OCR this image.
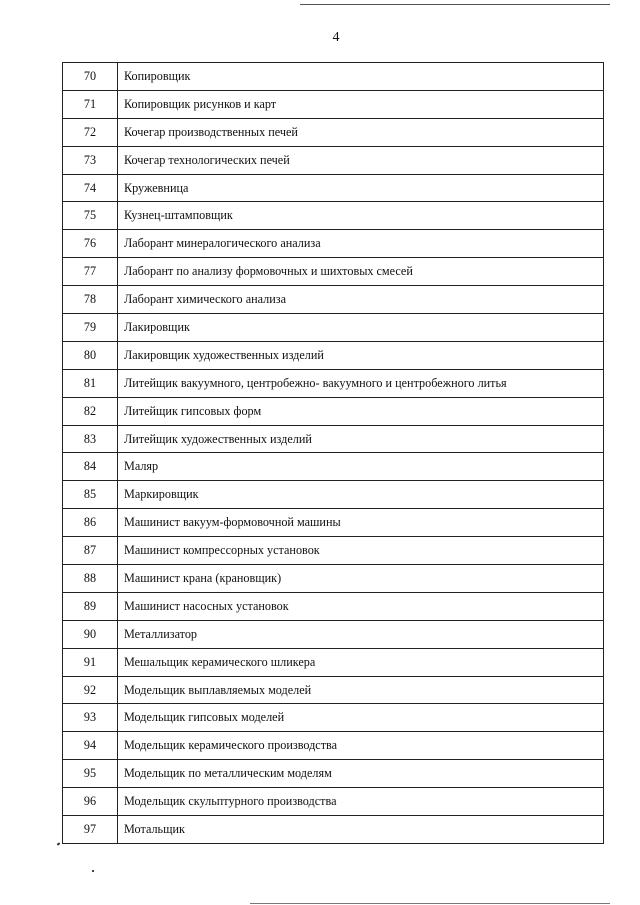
4
70	Копировщик
71	Копировщик рисунков и карт
72	Кочегар производственных печей
73	Кочегар технологических печей
74	Кружевница
75	Кузнец-штамповщик
76	Лаборант минералогического анализа
77	Лаборант по анализу формовочных и шихтовых смесей
78	Лаборант химического анализа
79	Лакировщик
80	Лакировщик художественных изделий
81	Литейщик вакуумного, центробежно- вакуумного и центробежного литья
82	Литейщик гипсовых форм
83	Литейщик художественных изделий
84	Маляр
85	Маркировщик
86	Машинист вакуум-формовочной машины
87	Машинист компрессорных установок
88	Машинист крана (крановщик)
89	Машинист насосных установок
90	Металлизатор
91	Мешальщик керамического шликера
92	Модельщик выплавляемых моделей
93	Модельщик гипсовых моделей
94	Модельщик керамического производства
95	Модельщик по металлическим моделям
96	Модельщик скульптурного производства
97	Мотальщик
